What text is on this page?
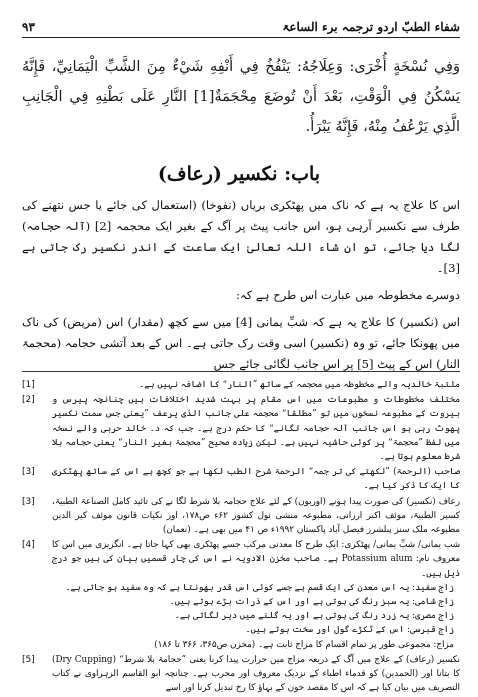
۹۳	شفاء الطبّ اردو ترجمہ برء الساعۃ
وَفِي نُسْخَةٍ أُخْرَى: وَعِلَاجُهُ: يَنْفُخُ فِي أَنْفِهِ شَيْءٌ مِنَ الشَّبِّ الْيَمَانِيِّ، فَإِنَّهُ يَسْكُنُ فِي الْوَقْتِ، بَعْدَ أَنْ تُوضَعَ مِحْجَمَةٌ[1] النَّارِ عَلَى بَطْنِهِ فِي الْجَانِبِ الَّذِي يَرْعُفُ مِنْهُ، فَإِنَّهُ يَبْرَأُ.
باب: نکسیر (رعاف)

اس کا علاج یہ ہے کہ ناک میں پھٹکری بریاں (نفوخا) (استعمال کی جائے یا جس نتھنے کی طرف سے نکسیر آرہی ہو، اس جانب پیٹ پر آگ کے بغیر ایک محجمہ [2] (آلہ حجامہ) لگا دیا جائے، تو ان شاء اللہ تعالیٰ ایک ساعت کے اندر نکسیر رک جاتی ہے [3]۔

دوسرے مخطوطہ میں عبارت اس طرح ہے کہ:

اس (نکسیر) کا علاج یہ ہے کہ شبِّ یمانی [4] میں سے کچھ (مقدار) اس (مریض) کی ناک میں پھونکا جائے، تو وہ (نکسیر) اسی وقت رک جاتی ہے۔ اس کے بعد آتشی حجامہ (محجمۃ النار) اس کے پیٹ [5] پر اس جانب لگائی جائے جس

ملتبۃ خالدیہ والے مخطوطہ میں محجمہ کے ساتھ ”النار“ کا اضافہ نہیں ہے۔
[1]
مختلف مخطوطات و مطبوعات میں اس مقام پر بہت شدید اختلافات ہیں چنانچہ پیرس و بیروت کے مطبوعہ نسخوں میں تو ”مطلقا“ محجمہ علی جانب الذی یرعف ”یعنی جس سمت نکسیر پھوٹ رہی ہو اس جانب آلہ حجامہ لگانے“ کا حکم درج ہے۔ جب کہ د۔ خالد حربی والے نسخہ میں لفظ ”محجمۃ“ پر کوئی حاشیہ نہیں ہے۔ لیکن زیادہ صحیح ”محجمۃ بغیر النار“ یعنی حجامہ بلا شرط معلوم ہوتا ہے۔
[2]
صاحب (الرحمۃ) ”لکھتے کی تر جمہ“ الرحمۃ شرح الطب لکھا ہے جو کچھ ہے اس کے ساتھ پھٹکری کا ایک کا ذکر کیا ہے۔
[3]
رعاف (نکسیر) کی صورت پیدا ہونے (اوربون) کے لئے علاج حجامہ بلا شرط لگا نے کی تائید کامل الصناعۃ الطبیۃ، کسیر الطبیۃ، موئف اکبر ارزانی، مطبوعہ منشی نول کشور ۶۲ء ص۱۷۸، اور نکیات قانون موئف کیر الدین مطبوعہ ملک سنز پبلشرز فیصل آباد پاکستان ۱۹۹۲ء ص ۴۱ میں بھی ہے۔ (نعمان)
[3]
شب یمانی/ شبِّ یمانی/ پھٹکری: ایک طرح کا معدنی مرکب جسے پھٹکری بھی کہا جاتا ہے۔ انگریزی میں اس کا معروف نام: Potassium alum ہے۔ صاحب مخزن الادویہ نے اس کی چار قسمیں بیان کی ہیں جو درج ذیل ہیں۔
زاج سفید: یہ اس معدن کی ایک قسم ہے جسے کوئی اس قدر بھونتا ہے کہ وہ سفید ہو جاتی ہے۔
زاج شامی: یہ سبز رنگ کی ہوتی ہے اور اس کے ذرات بڑے ہوتے ہیں۔
زاج مصری: یہ زرد رنگ کی ہوتی ہے اور یہ گلنے میں دیر لگاتی ہے۔
زاج قبرسی: اس کے ٹکڑے گول اور سخت ہوتے ہیں۔
مزاج: مجموعی طور پر تمام اقسام کا مزاج ثابت ہے۔ (مخزن ص۳۶۵، ۳۶۶ تا ۱۸۶)
[4]
نکسیر (رعاف) کے علاج میں آگ کے ذریعہ مزاج میں حرارت پیدا کرنا یعنی ”حجامۃ بلا شرط“ (Dry Cupping) کا بتانا اور (الحمدین) کو قدماء اطباء کے نزدیک معروف اور مجرب ہے۔ چنانچہ ابو القاسم الزہراوی نے کتاب التصریف میں بیان کیا ہے کہ اس کا مقصد خون کے بہاؤ کا رخ تبدیل کرنا اور اسے
[5]
